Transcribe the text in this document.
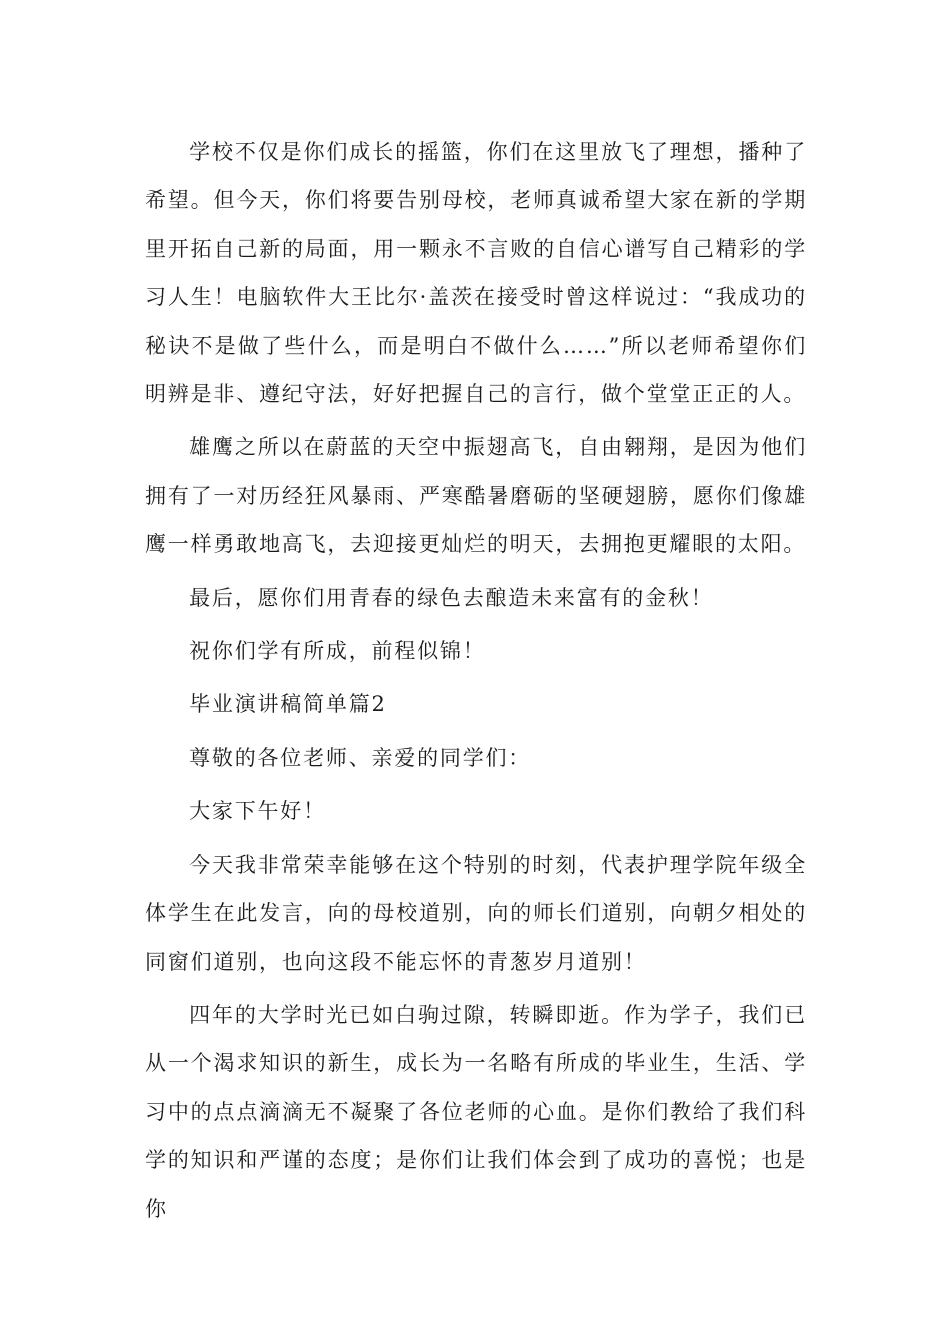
学校不仅是你们成长的摇篮，你们在这里放飞了理想，播种了希望。但今天，你们将要告别母校，老师真诚希望大家在新的学期里开拓自己新的局面，用一颗永不言败的自信心谱写自己精彩的学习人生！电脑软件大王比尔·盖茨在接受时曾这样说过：“我成功的秘诀不是做了些什么，而是明白不做什么……”所以老师希望你们明辨是非、遵纪守法，好好把握自己的言行，做个堂堂正正的人。

雄鹰之所以在蔚蓝的天空中振翅高飞，自由翱翔，是因为他们拥有了一对历经狂风暴雨、严寒酷暑磨砺的坚硬翅膀，愿你们像雄鹰一样勇敢地高飞，去迎接更灿烂的明天，去拥抱更耀眼的太阳。

最后，愿你们用青春的绿色去酿造未来富有的金秋！

祝你们学有所成，前程似锦！

毕业演讲稿简单篇2

尊敬的各位老师、亲爱的同学们：

大家下午好！

今天我非常荣幸能够在这个特别的时刻，代表护理学院年级全体学生在此发言，向的母校道别，向的师长们道别，向朝夕相处的同窗们道别，也向这段不能忘怀的青葱岁月道别！

四年的大学时光已如白驹过隙，转瞬即逝。作为学子，我们已从一个渴求知识的新生，成长为一名略有所成的毕业生，生活、学习中的点点滴滴无不凝聚了各位老师的心血。是你们教给了我们科学的知识和严谨的态度；是你们让我们体会到了成功的喜悦；也是你
